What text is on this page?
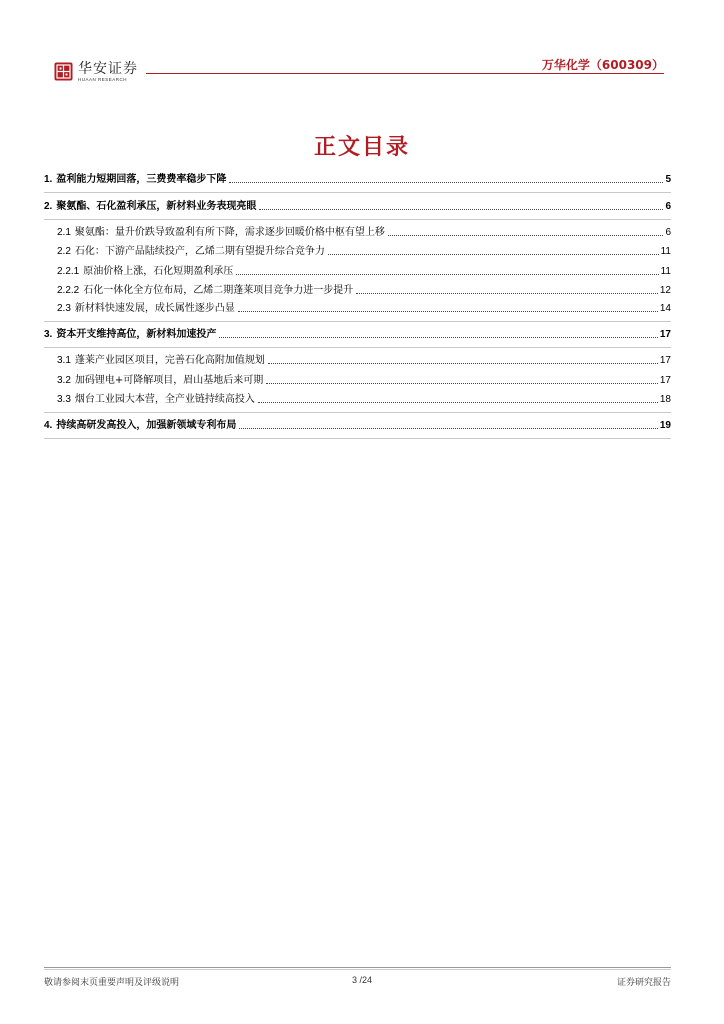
华安证券
HUAAN RESEARCH
万华化学（600309）
正文目录
1. 盈利能力短期回落，三费费率稳步下降	5
2. 聚氨酯、石化盈利承压，新材料业务表现亮眼	6
2.1 聚氨酯：量升价跌导致盈利有所下降，需求逐步回暖价格中枢有望上移	6
2.2 石化：下游产品陆续投产，乙烯二期有望提升综合竞争力	11
2.2.1 原油价格上涨，石化短期盈利承压	11
2.2.2 石化一体化全方位布局，乙烯二期蓬莱项目竞争力进一步提升	12
2.3 新材料快速发展，成长属性逐步凸显	14
3. 资本开支维持高位，新材料加速投产	17
3.1 蓬莱产业园区项目，完善石化高附加值规划	17
3.2 加码锂电+可降解项目，眉山基地后来可期	17
3.3 烟台工业园大本营，全产业链持续高投入	18
4. 持续高研发高投入，加强新领域专利布局	19
敬请参阅末页重要声明及评级说明	3 /24	证券研究报告
